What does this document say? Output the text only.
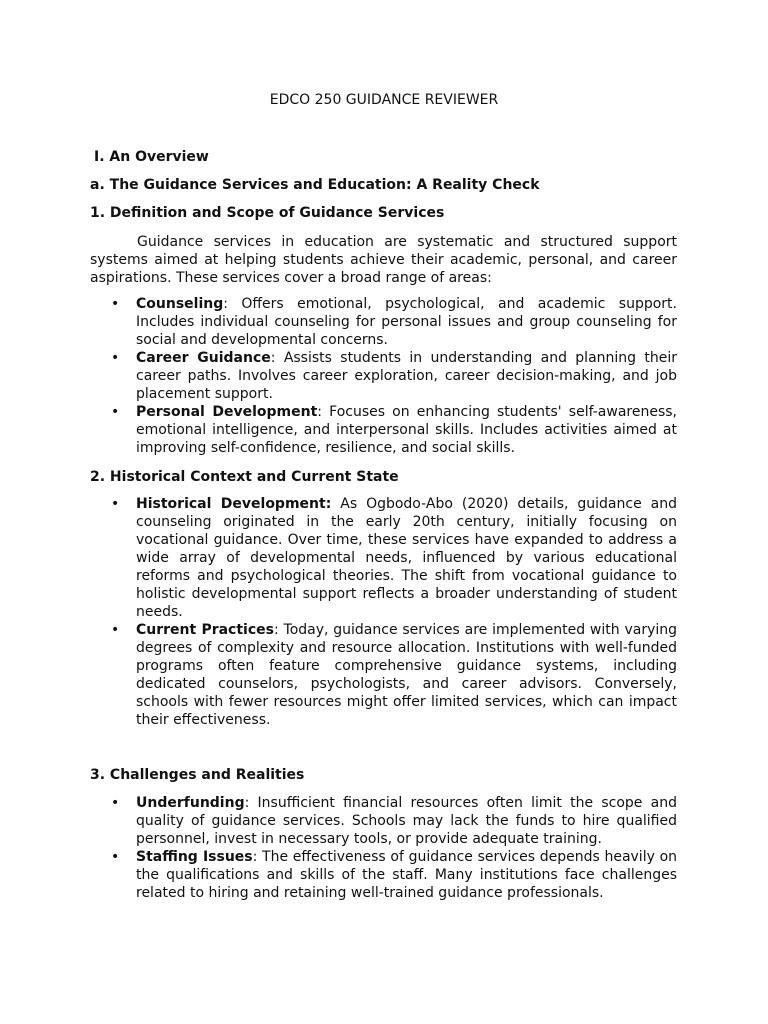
EDCO 250 GUIDANCE REVIEWER
I. An Overview
a. The Guidance Services and Education: A Reality Check
1. Definition and Scope of Guidance Services

Guidance services in education are systematic and structured support systems aimed at helping students achieve their academic, personal, and career aspirations. These services cover a broad range of areas:

• Counseling: Offers emotional, psychological, and academic support. Includes individual counseling for personal issues and group counseling for social and developmental concerns.
• Career Guidance: Assists students in understanding and planning their career paths. Involves career exploration, career decision-making, and job placement support.
• Personal Development: Focuses on enhancing students' self-awareness, emotional intelligence, and interpersonal skills. Includes activities aimed at improving self-confidence, resilience, and social skills.
2. Historical Context and Current State
• Historical Development: As Ogbodo-Abo (2020) details, guidance and counseling originated in the early 20th century, initially focusing on vocational guidance. Over time, these services have expanded to address a wide array of developmental needs, influenced by various educational reforms and psychological theories. The shift from vocational guidance to holistic developmental support reflects a broader understanding of student needs.
• Current Practices: Today, guidance services are implemented with varying degrees of complexity and resource allocation. Institutions with well-funded programs often feature comprehensive guidance systems, including dedicated counselors, psychologists, and career advisors. Conversely, schools with fewer resources might offer limited services, which can impact their effectiveness.
3. Challenges and Realities
• Underfunding: Insufficient financial resources often limit the scope and quality of guidance services. Schools may lack the funds to hire qualified personnel, invest in necessary tools, or provide adequate training.
• Staffing Issues: The effectiveness of guidance services depends heavily on the qualifications and skills of the staff. Many institutions face challenges related to hiring and retaining well-trained guidance professionals.
